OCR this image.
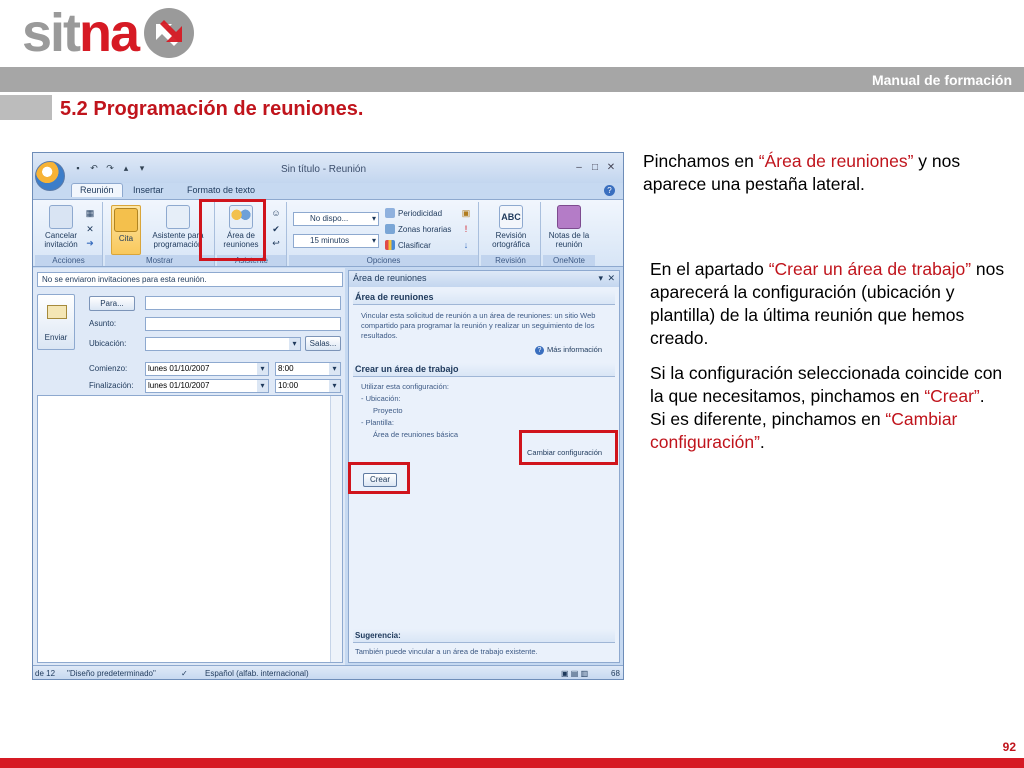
sitna
Manual de formación
5.2 Programación de reuniones.
▪	↶ ↷	▴	▾	Sin título - Reunión	–	□ ✕
Reunión	Insertar	Formato de texto	?
Cancelar invitación
▦
✕
➜
Acciones
Cita	Asistente para programación
Mostrar
Área de reuniones
☺
✔
↩
Asistente
No dispo... ▾
15 minutos ▾
Periodicidad
Zonas horarias
Clasificar
▣
!
↓
Opciones
ABC
Revisión ortográfica
Revisión
Notas de la reunión
OneNote
No se enviaron invitaciones para esta reunión.
Enviar
Para...
Asunto:
Ubicación:
▾	Salas...
Comienzo:	lunes 01/10/2007 ▾	8:00 ▾
Finalización:	lunes 01/10/2007 ▾	10:00 ▾
Área de reuniones	▾ ✕
Área de reuniones
Vincular esta solicitud de reunión a un área de reuniones: un sitio Web compartido para programar la reunión y realizar un seguimiento de los resultados.
? Más información
Crear un área de trabajo
Utilizar esta configuración:
- Ubicación:
Proyecto
- Plantilla:
Área de reuniones básica
Cambiar configuración
Crear
Sugerencia:
También puede vincular a un área de trabajo existente.
de 12 "Diseño predeterminado"	✓ Español (alfab. internacional)	▣ ▤ ▥	68
Pinchamos en “Área de reuniones” y nos aparece una pestaña lateral.

En el apartado “Crear un área de trabajo” nos aparecerá la configuración (ubicación y plantilla) de la última reunión que hemos creado.

Si la configuración seleccionada coincide con la que necesitamos, pinchamos en “Crear”.

Si es diferente, pinchamos en “Cambiar configuración”.

92
